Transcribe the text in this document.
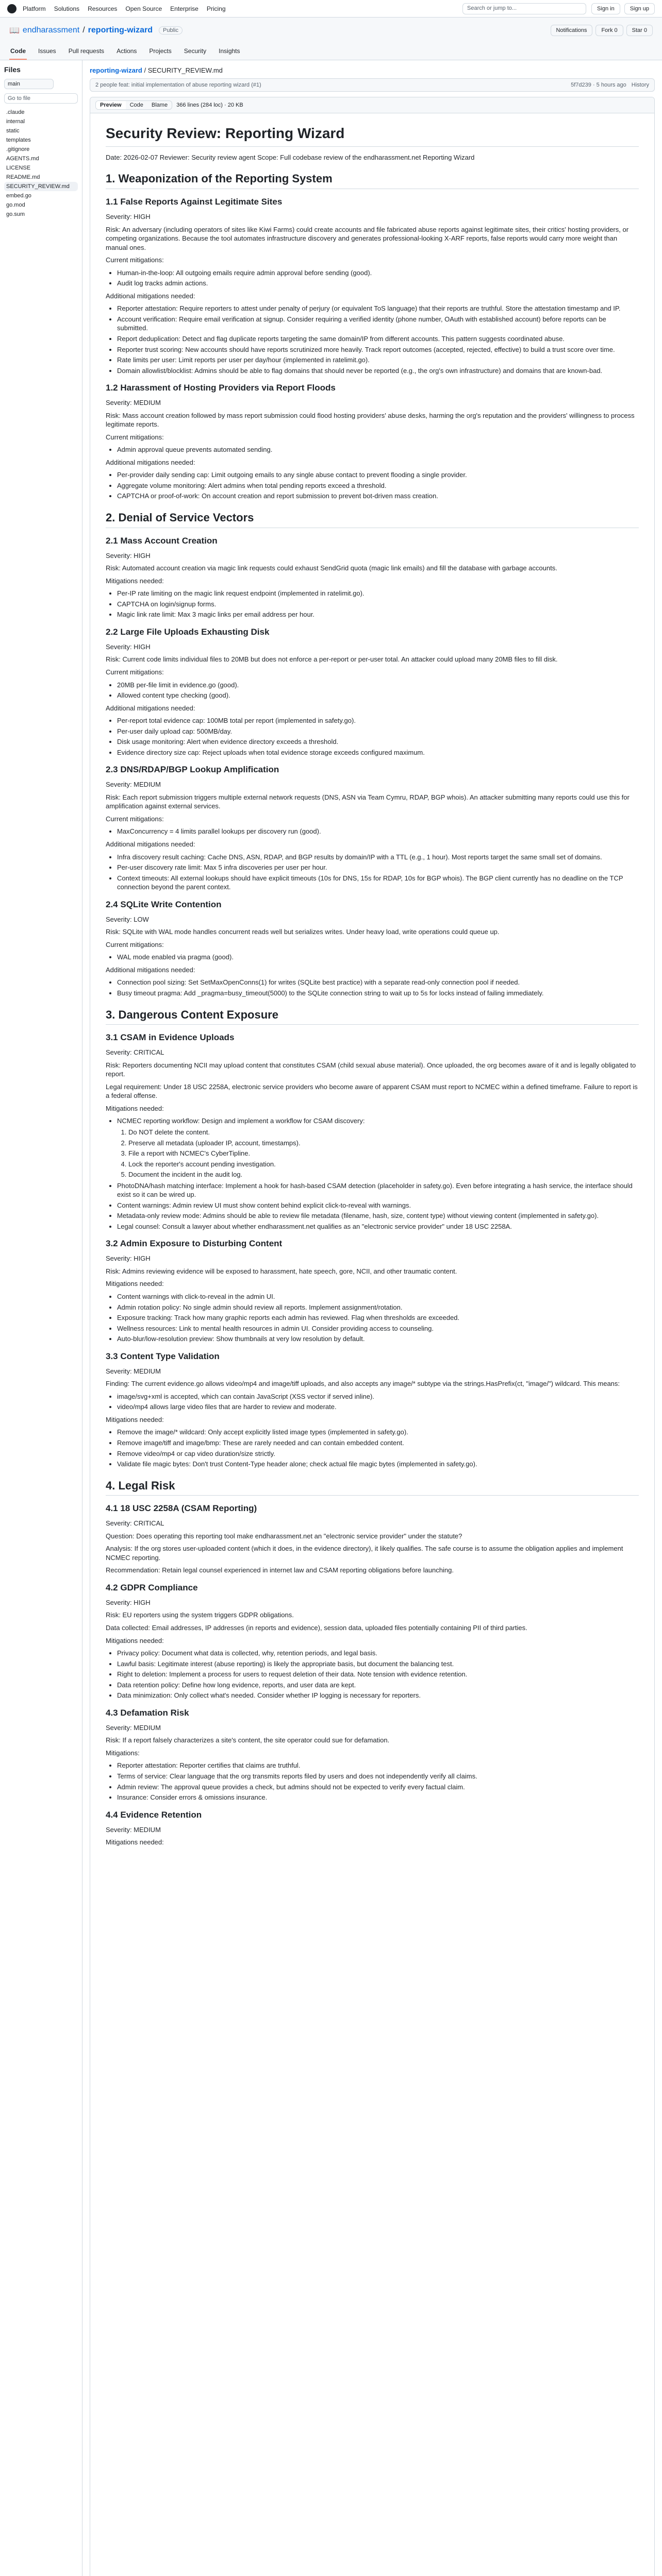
Platform Solutions Resources Open Source Enterprise Pricing	Search or jump to...	Sign in	Sign up
📖 endharassment / reporting-wizard	Public	Notifications	Fork 0	Star 0
Code Issues Pull requests Actions Projects Security Insights
Files
main
Go to file
.claude
internal
static
templates
.gitignore
AGENTS.md
LICENSE
README.md
SECURITY_REVIEW.md
embed.go
go.mod
go.sum
reporting-wizard / SECURITY_REVIEW.md
2 people feat: initial implementation of abuse reporting wizard (#1)	5f7d239 · 5 hours ago History
Preview	Code	Blame	366 lines (284 loc) · 20 KB
Security Review: Reporting Wizard

Date: 2026-02-07 Reviewer: Security review agent Scope: Full codebase review of the endharassment.net Reporting Wizard

1. Weaponization of the Reporting System
1.1 False Reports Against Legitimate Sites

Severity: HIGH

Risk: An adversary (including operators of sites like Kiwi Farms) could create accounts and file fabricated abuse reports against legitimate sites, their critics' hosting providers, or competing organizations. Because the tool automates infrastructure discovery and generates professional-looking X-ARF reports, false reports would carry more weight than manual ones.

Current mitigations:

• Human-in-the-loop: All outgoing emails require admin approval before sending (good).
• Audit log tracks admin actions.

Additional mitigations needed:

• Reporter attestation: Require reporters to attest under penalty of perjury (or equivalent ToS language) that their reports are truthful. Store the attestation timestamp and IP.
• Account verification: Require email verification at signup. Consider requiring a verified identity (phone number, OAuth with established account) before reports can be submitted.
• Report deduplication: Detect and flag duplicate reports targeting the same domain/IP from different accounts. This pattern suggests coordinated abuse.
• Reporter trust scoring: New accounts should have reports scrutinized more heavily. Track report outcomes (accepted, rejected, effective) to build a trust score over time.
• Rate limits per user: Limit reports per user per day/hour (implemented in ratelimit.go).
• Domain allowlist/blocklist: Admins should be able to flag domains that should never be reported (e.g., the org's own infrastructure) and domains that are known-bad.
1.2 Harassment of Hosting Providers via Report Floods

Severity: MEDIUM

Risk: Mass account creation followed by mass report submission could flood hosting providers' abuse desks, harming the org's reputation and the providers' willingness to process legitimate reports.

Current mitigations:

• Admin approval queue prevents automated sending.

Additional mitigations needed:

• Per-provider daily sending cap: Limit outgoing emails to any single abuse contact to prevent flooding a single provider.
• Aggregate volume monitoring: Alert admins when total pending reports exceed a threshold.
• CAPTCHA or proof-of-work: On account creation and report submission to prevent bot-driven mass creation.
2. Denial of Service Vectors
2.1 Mass Account Creation

Severity: HIGH

Risk: Automated account creation via magic link requests could exhaust SendGrid quota (magic link emails) and fill the database with garbage accounts.

Mitigations needed:

• Per-IP rate limiting on the magic link request endpoint (implemented in ratelimit.go).
• CAPTCHA on login/signup forms.
• Magic link rate limit: Max 3 magic links per email address per hour.
2.2 Large File Uploads Exhausting Disk

Severity: HIGH

Risk: Current code limits individual files to 20MB but does not enforce a per-report or per-user total. An attacker could upload many 20MB files to fill disk.

Current mitigations:

• 20MB per-file limit in evidence.go (good).
• Allowed content type checking (good).

Additional mitigations needed:

• Per-report total evidence cap: 100MB total per report (implemented in safety.go).
• Per-user daily upload cap: 500MB/day.
• Disk usage monitoring: Alert when evidence directory exceeds a threshold.
• Evidence directory size cap: Reject uploads when total evidence storage exceeds configured maximum.
2.3 DNS/RDAP/BGP Lookup Amplification

Severity: MEDIUM

Risk: Each report submission triggers multiple external network requests (DNS, ASN via Team Cymru, RDAP, BGP whois). An attacker submitting many reports could use this for amplification against external services.

Current mitigations:

• MaxConcurrency = 4 limits parallel lookups per discovery run (good).

Additional mitigations needed:

• Infra discovery result caching: Cache DNS, ASN, RDAP, and BGP results by domain/IP with a TTL (e.g., 1 hour). Most reports target the same small set of domains.
• Per-user discovery rate limit: Max 5 infra discoveries per user per hour.
• Context timeouts: All external lookups should have explicit timeouts (10s for DNS, 15s for RDAP, 10s for BGP whois). The BGP client currently has no deadline on the TCP connection beyond the parent context.
2.4 SQLite Write Contention

Severity: LOW

Risk: SQLite with WAL mode handles concurrent reads well but serializes writes. Under heavy load, write operations could queue up.

Current mitigations:

• WAL mode enabled via pragma (good).

Additional mitigations needed:

• Connection pool sizing: Set SetMaxOpenConns(1) for writes (SQLite best practice) with a separate read-only connection pool if needed.
• Busy timeout pragma: Add _pragma=busy_timeout(5000) to the SQLite connection string to wait up to 5s for locks instead of failing immediately.
3. Dangerous Content Exposure
3.1 CSAM in Evidence Uploads

Severity: CRITICAL

Risk: Reporters documenting NCII may upload content that constitutes CSAM (child sexual abuse material). Once uploaded, the org becomes aware of it and is legally obligated to report.

Legal requirement: Under 18 USC 2258A, electronic service providers who become aware of apparent CSAM must report to NCMEC within a defined timeframe. Failure to report is a federal offense.

Mitigations needed:

• NCMEC reporting workflow: Design and implement a workflow for CSAM discovery:
1. Do NOT delete the content.
2. Preserve all metadata (uploader IP, account, timestamps).
3. File a report with NCMEC's CyberTipline.
4. Lock the reporter's account pending investigation.
5. Document the incident in the audit log.
• PhotoDNA/hash matching interface: Implement a hook for hash-based CSAM detection (placeholder in safety.go). Even before integrating a hash service, the interface should exist so it can be wired up.
• Content warnings: Admin review UI must show content behind explicit click-to-reveal with warnings.
• Metadata-only review mode: Admins should be able to review file metadata (filename, hash, size, content type) without viewing content (implemented in safety.go).
• Legal counsel: Consult a lawyer about whether endharassment.net qualifies as an "electronic service provider" under 18 USC 2258A.
3.2 Admin Exposure to Disturbing Content

Severity: HIGH

Risk: Admins reviewing evidence will be exposed to harassment, hate speech, gore, NCII, and other traumatic content.

Mitigations needed:

• Content warnings with click-to-reveal in the admin UI.
• Admin rotation policy: No single admin should review all reports. Implement assignment/rotation.
• Exposure tracking: Track how many graphic reports each admin has reviewed. Flag when thresholds are exceeded.
• Wellness resources: Link to mental health resources in admin UI. Consider providing access to counseling.
• Auto-blur/low-resolution preview: Show thumbnails at very low resolution by default.
3.3 Content Type Validation

Severity: MEDIUM

Finding: The current evidence.go allows video/mp4 and image/tiff uploads, and also accepts any image/* subtype via the strings.HasPrefix(ct, "image/") wildcard. This means:

• image/svg+xml is accepted, which can contain JavaScript (XSS vector if served inline).
• video/mp4 allows large video files that are harder to review and moderate.

Mitigations needed:

• Remove the image/* wildcard: Only accept explicitly listed image types (implemented in safety.go).
• Remove image/tiff and image/bmp: These are rarely needed and can contain embedded content.
• Remove video/mp4 or cap video duration/size strictly.
• Validate file magic bytes: Don't trust Content-Type header alone; check actual file magic bytes (implemented in safety.go).
4. Legal Risk
4.1 18 USC 2258A (CSAM Reporting)

Severity: CRITICAL

Question: Does operating this reporting tool make endharassment.net an "electronic service provider" under the statute?

Analysis: If the org stores user-uploaded content (which it does, in the evidence directory), it likely qualifies. The safe course is to assume the obligation applies and implement NCMEC reporting.

Recommendation: Retain legal counsel experienced in internet law and CSAM reporting obligations before launching.

4.2 GDPR Compliance

Severity: HIGH

Risk: EU reporters using the system triggers GDPR obligations.

Data collected: Email addresses, IP addresses (in reports and evidence), session data, uploaded files potentially containing PII of third parties.

Mitigations needed:

• Privacy policy: Document what data is collected, why, retention periods, and legal basis.
• Lawful basis: Legitimate interest (abuse reporting) is likely the appropriate basis, but document the balancing test.
• Right to deletion: Implement a process for users to request deletion of their data. Note tension with evidence retention.
• Data retention policy: Define how long evidence, reports, and user data are kept.
• Data minimization: Only collect what's needed. Consider whether IP logging is necessary for reporters.
4.3 Defamation Risk

Severity: MEDIUM

Risk: If a report falsely characterizes a site's content, the site operator could sue for defamation.

Mitigations:

• Reporter attestation: Reporter certifies that claims are truthful.
• Terms of service: Clear language that the org transmits reports filed by users and does not independently verify all claims.
• Admin review: The approval queue provides a check, but admins should not be expected to verify every factual claim.
• Insurance: Consider errors & omissions insurance.
4.4 Evidence Retention

Severity: MEDIUM

Mitigations needed:
